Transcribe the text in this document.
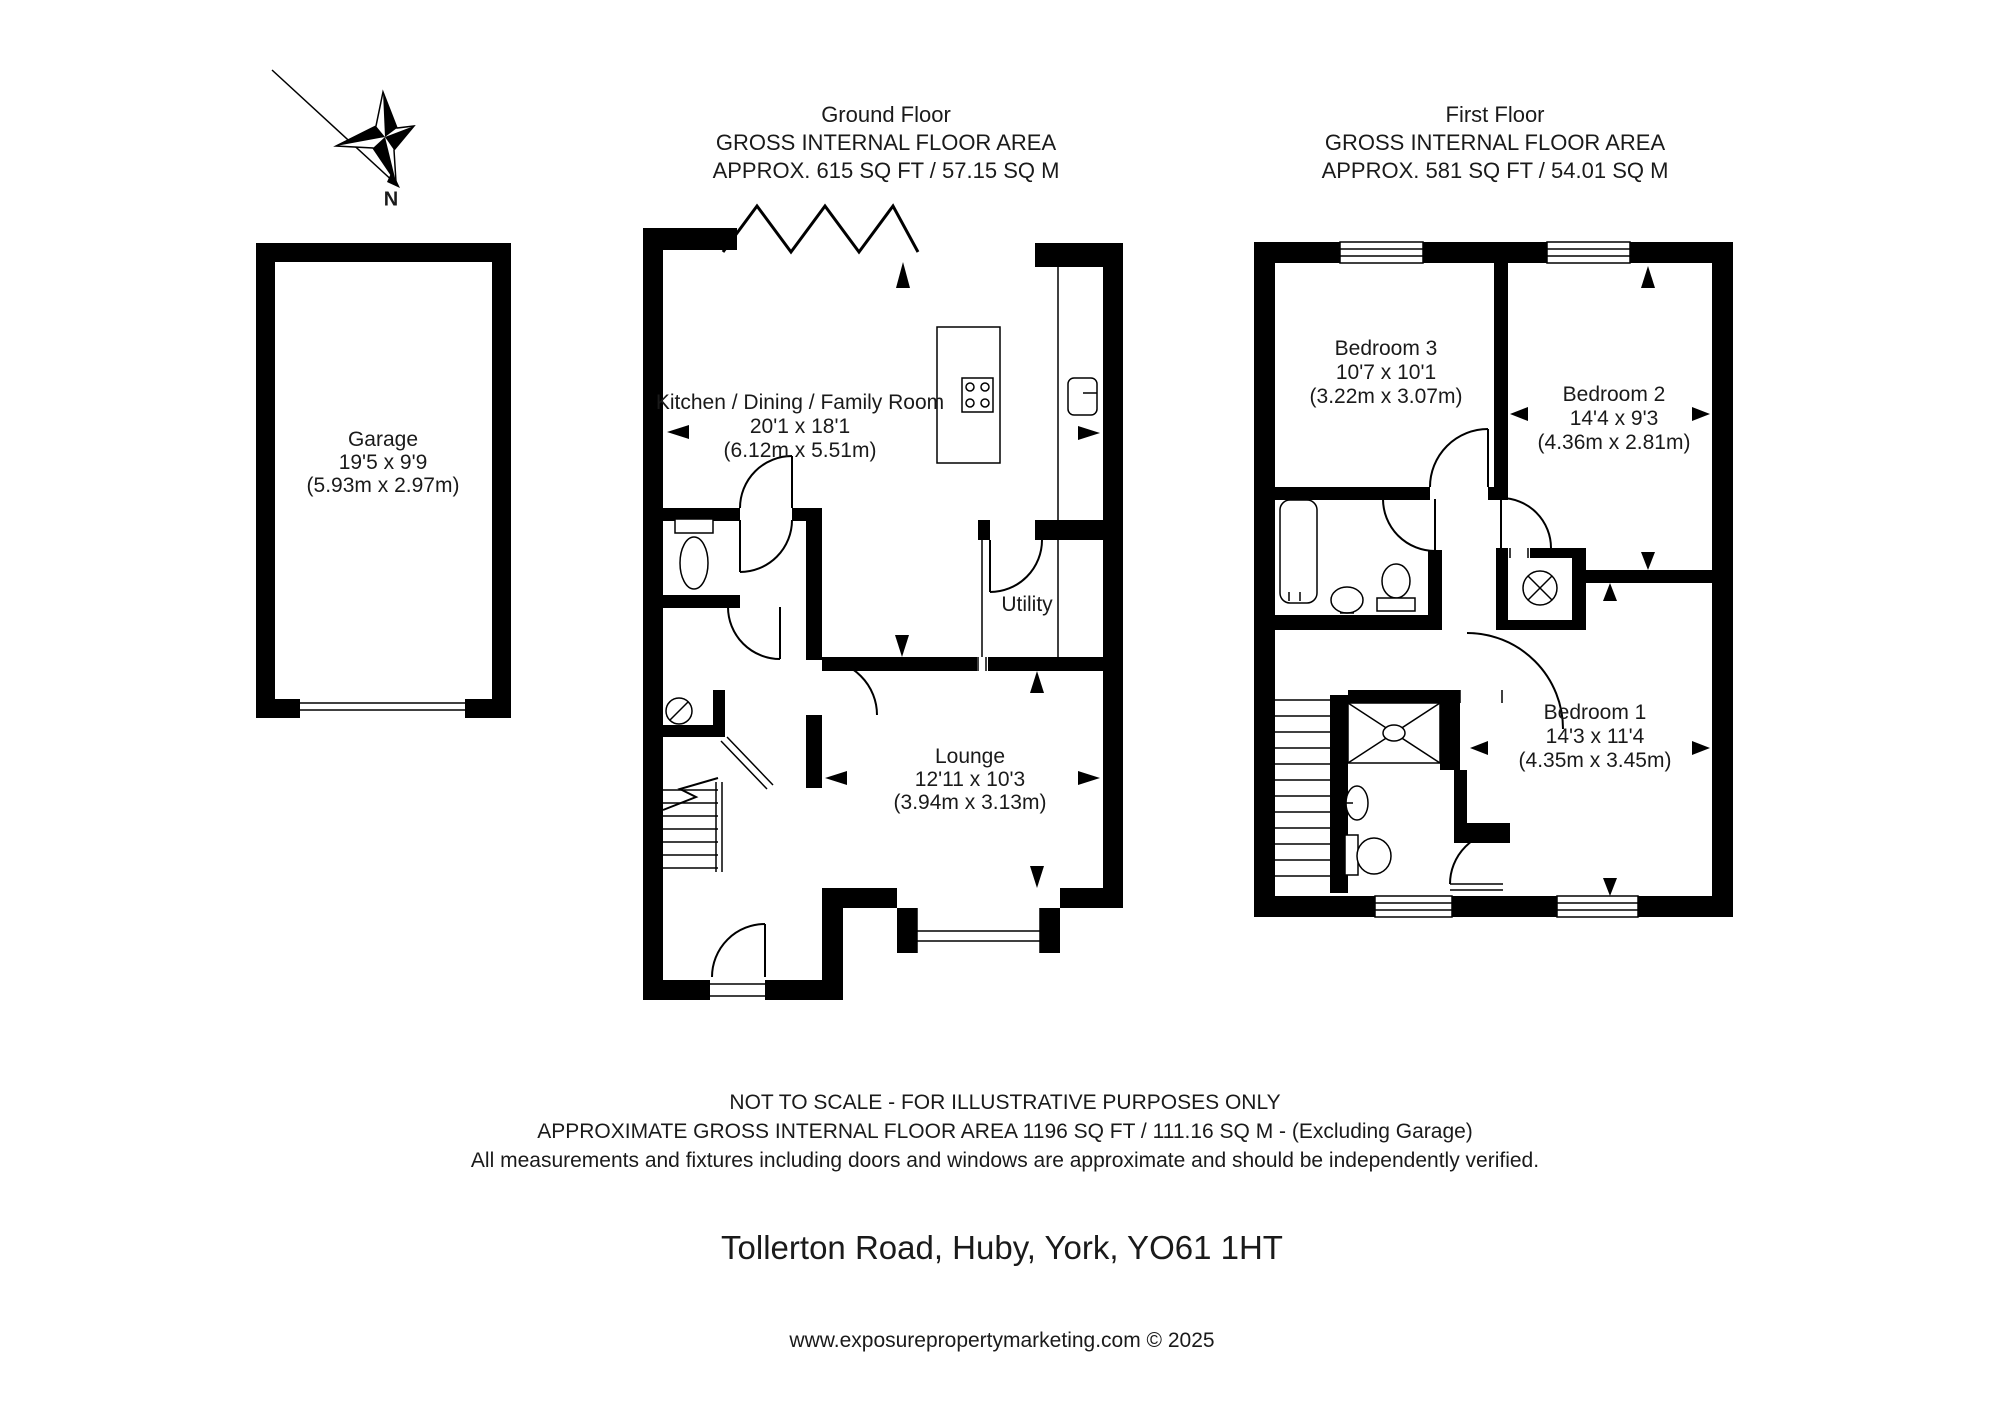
N
Ground Floor
GROSS INTERNAL FLOOR AREA
APPROX. 615 SQ FT / 57.15 SQ M
First Floor
GROSS INTERNAL FLOOR AREA
APPROX. 581 SQ FT / 54.01 SQ M
Garage
19'5 x 9'9
(5.93m x 2.97m)
Kitchen / Dining / Family Room
20'1 x 18'1
(6.12m x 5.51m)
Utility
Lounge
12'11 x 10'3
(3.94m x 3.13m)
Bedroom 3
10'7 x 10'1
(3.22m x 3.07m)	Bedroom 2
14'4 x 9'3
(4.36m x 2.81m)
Bedroom 1
14'3 x 11'4
(4.35m x 3.45m)
NOT TO SCALE - FOR ILLUSTRATIVE PURPOSES ONLY
APPROXIMATE GROSS INTERNAL FLOOR AREA 1196 SQ FT / 111.16 SQ M - (Excluding Garage)
All measurements and fixtures including doors and windows are approximate and should be independently verified.
Tollerton Road, Huby, York, YO61 1HT
www.exposurepropertymarketing.com © 2025
